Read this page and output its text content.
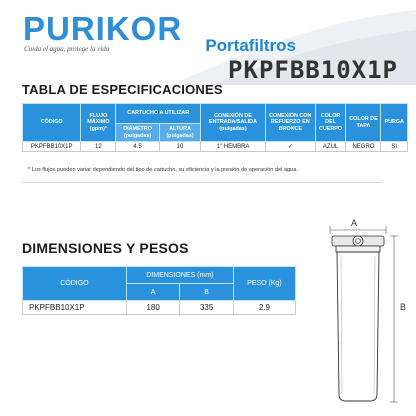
PURIKOR
Cuida el agua, protege la vida	Portafiltros
PKPFBB10X1P
TABLA DE ESPECIFICACIONES
CÓDIGO	FLUJO MÁXIMO (gpm)*	CARTUCHO A UTILIZAR		CONEXIÓN DE ENTRADA/SALIDA (pulgadas)	CONEXIÓN CON REFUERZO EN BRONCE	COLOR DEL CUERPO	COLOR DE TAPA	PURGA
		DIÁMETRO (pulgadas)	ALTURA (pulgadas)					
PKPFBB10X1P	12	4.5	10	1" HEMBRA	✓	AZUL	NEGRO	SI
* Los flujos pueden variar dependiendo del tipo de cartucho, su eficiencia y la presión de operación del agua.
DIMENSIONES Y PESOS
CÓDIGO	DIMENSIONES (mm)		PESO (Kg)
	A	B	
PKPFBB10X1P	180	335	2.9
A
B
